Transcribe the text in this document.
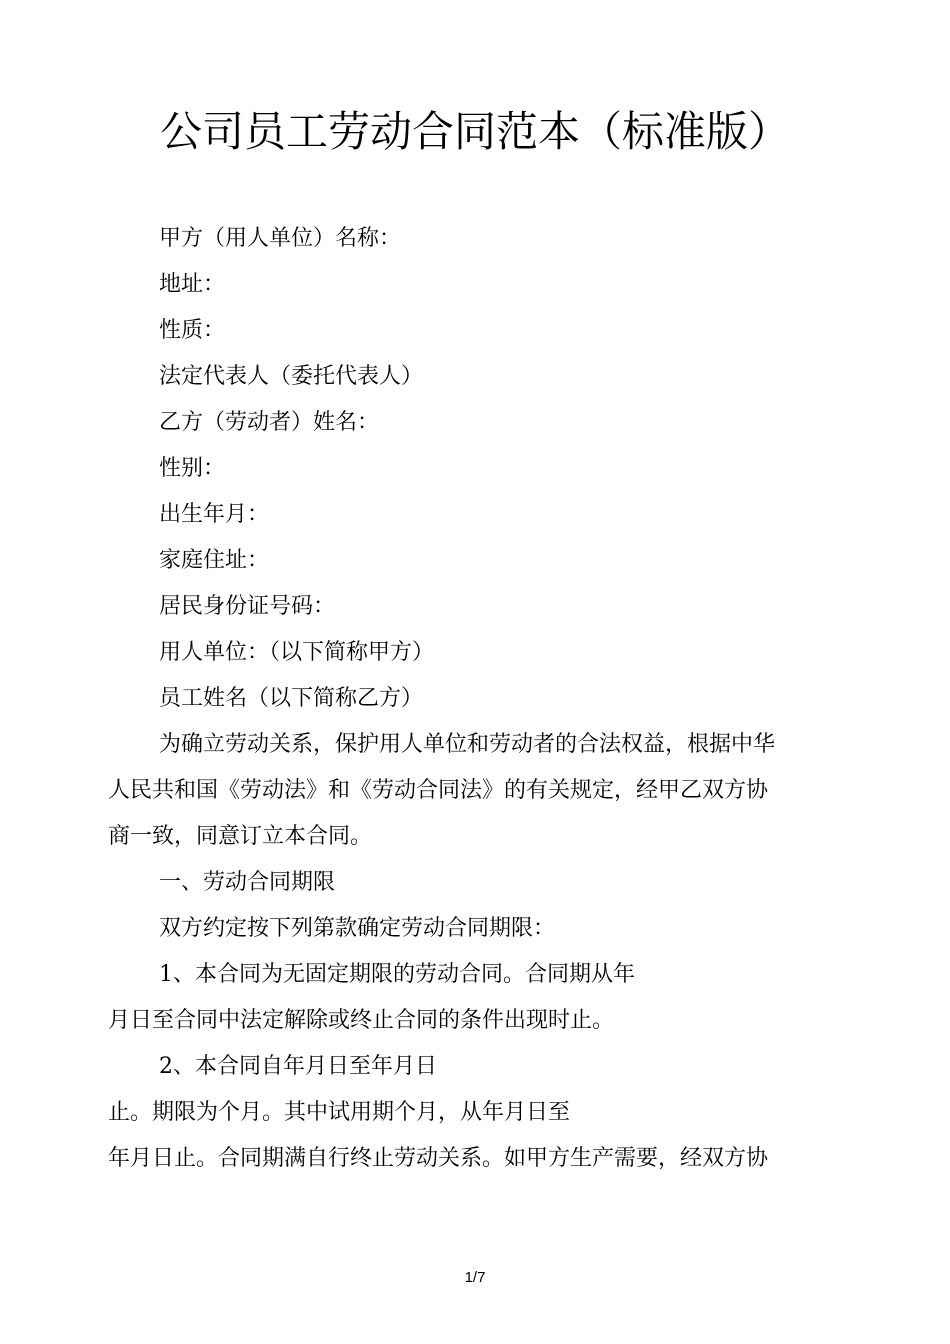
公司员工劳动合同范本（标准版）
甲方（用人单位）名称：
地址：
性质：
法定代表人（委托代表人）
乙方（劳动者）姓名：
性别：
出生年月：
家庭住址：
居民身份证号码：
用人单位：（以下简称甲方）
员工姓名（以下简称乙方）
为确立劳动关系，保护用人单位和劳动者的合法权益，根据中华
人民共和国《劳动法》和《劳动合同法》的有关规定，经甲乙双方协
商一致，同意订立本合同。
一、劳动合同期限
双方约定按下列第款确定劳动合同期限：
1、本合同为无固定期限的劳动合同。合同期从年
月日至合同中法定解除或终止合同的条件出现时止。
2、本合同自年月日至年月日
止。期限为个月。其中试用期个月，从年月日至
年月日止。合同期满自行终止劳动关系。如甲方生产需要，经双方协
1/7
